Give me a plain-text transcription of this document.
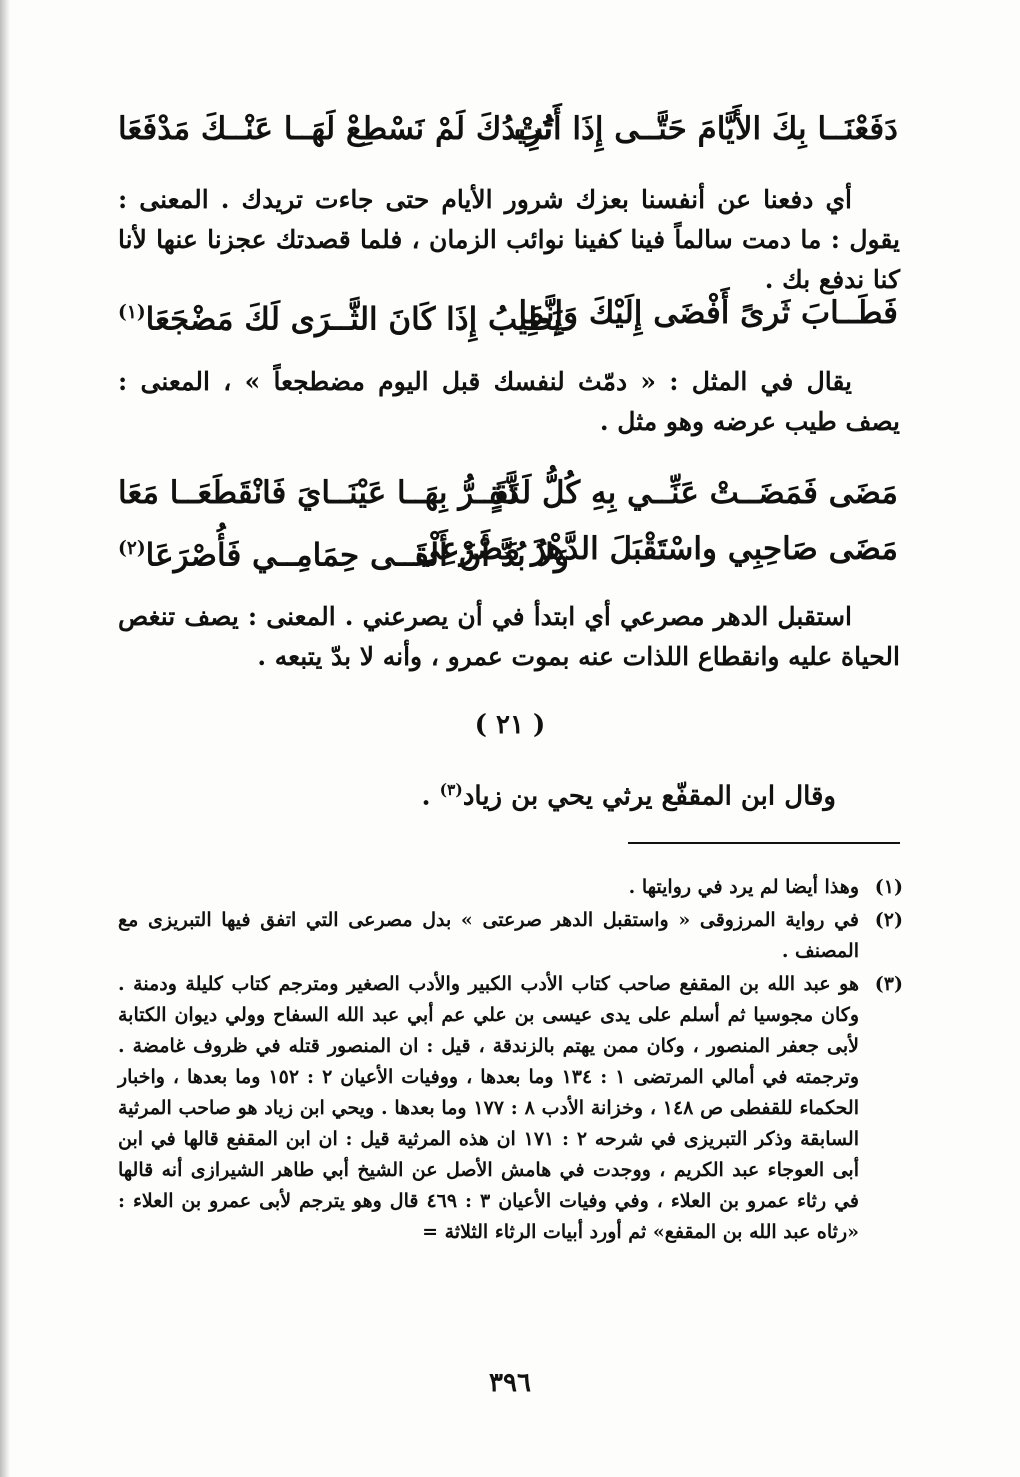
دَفَعْنَــا بِكَ الأَيَّامَ حَتَّــى إِذَا أَتَتْ
تُرِيدُكَ لَمْ نَسْطِعْ لَهَــا عَنْــكَ مَدْفَعَا

أي دفعنا عن أنفسنا بعزك شرور الأيام حتى جاءت تريدك . المعنى : يقول : ما دمت سالماً فينا كفينا نوائب الزمان ، فلما قصدتك عجزنا عنها لأنا كنا ندفع بك .

فَطَــابَ ثَرىً أَفْضَى إِلَيْكَ وَإِنَّمَا
يَطِيبُ إِذَا كَانَ الثَّــرَى لَكَ مَضْجَعَا$^{(١)}$

يقال في المثل : « دمّث لنفسك قبل اليوم مضطجعاً » ، المعنى : يصف طيب عرضه وهو مثل .

مَضَى فَمَضَــتْ عَنِّــي بِهِ كُلُّ لَذَّةٍ
تَقَــرُّ بِهَــا عَيْنَــايَ فَانْقَطَعَــا مَعَا
مَضَى صَاحِبِي واسْتَقْبَلَ الدَّهْرُ مَصْرَعِي
وَلاَ بُدَّ أَنْ أَلْقَــى حِمَامِــي فَأُصْرَعَا$^{(٢)}$

استقبل الدهر مصرعي أي ابتدأ في أن يصرعني . المعنى : يصف تنغص الحياة عليه وانقطاع اللذات عنه بموت عمرو ، وأنه لا بدّ يتبعه .

( ٢١ )
وقال ابن المقفّع يرثي يحي بن زياد$^{(٣)}$ .
(١)
وهذا أيضا لم يرد في روايتها .
(٢)
في رواية المرزوقى « واستقبل الدهر صرعتى » بدل مصرعى التي اتفق فيها التبريزى مع المصنف .
(٣)
هو عبد الله بن المقفع صاحب كتاب الأدب الكبير والأدب الصغير ومترجم كتاب كليلة ودمنة . وكان مجوسيا ثم أسلم على يدى عيسى بن علي عم أبي عبد الله السفاح وولي ديوان الكتابة لأبى جعفر المنصور ، وكان ممن يهتم بالزندقة ، قيل : ان المنصور قتله في ظروف غامضة . وترجمته في أمالي المرتضى ١ : ١٣٤ وما بعدها ، ووفيات الأعيان ٢ : ١٥٢ وما بعدها ، واخبار الحكماء للقفطى ص ١٤٨ ، وخزانة الأدب ٨ : ١٧٧ وما بعدها . ويحي ابن زياد هو صاحب المرثية السابقة وذكر التبريزى في شرحه ٢ : ١٧١ ان هذه المرثية قيل : ان ابن المقفع قالها في ابن أبى العوجاء عبد الكريم ، ووجدت في هامش الأصل عن الشيخ أبي طاهر الشيرازى أنه قالها في رثاء عمرو بن العلاء ، وفي وفيات الأعيان ٣ : ٤٦٩ قال وهو يترجم لأبى عمرو بن العلاء : «رثاه عبد الله بن المقفع» ثم أورد أبيات الرثاء الثلاثة =
٣٩٦
